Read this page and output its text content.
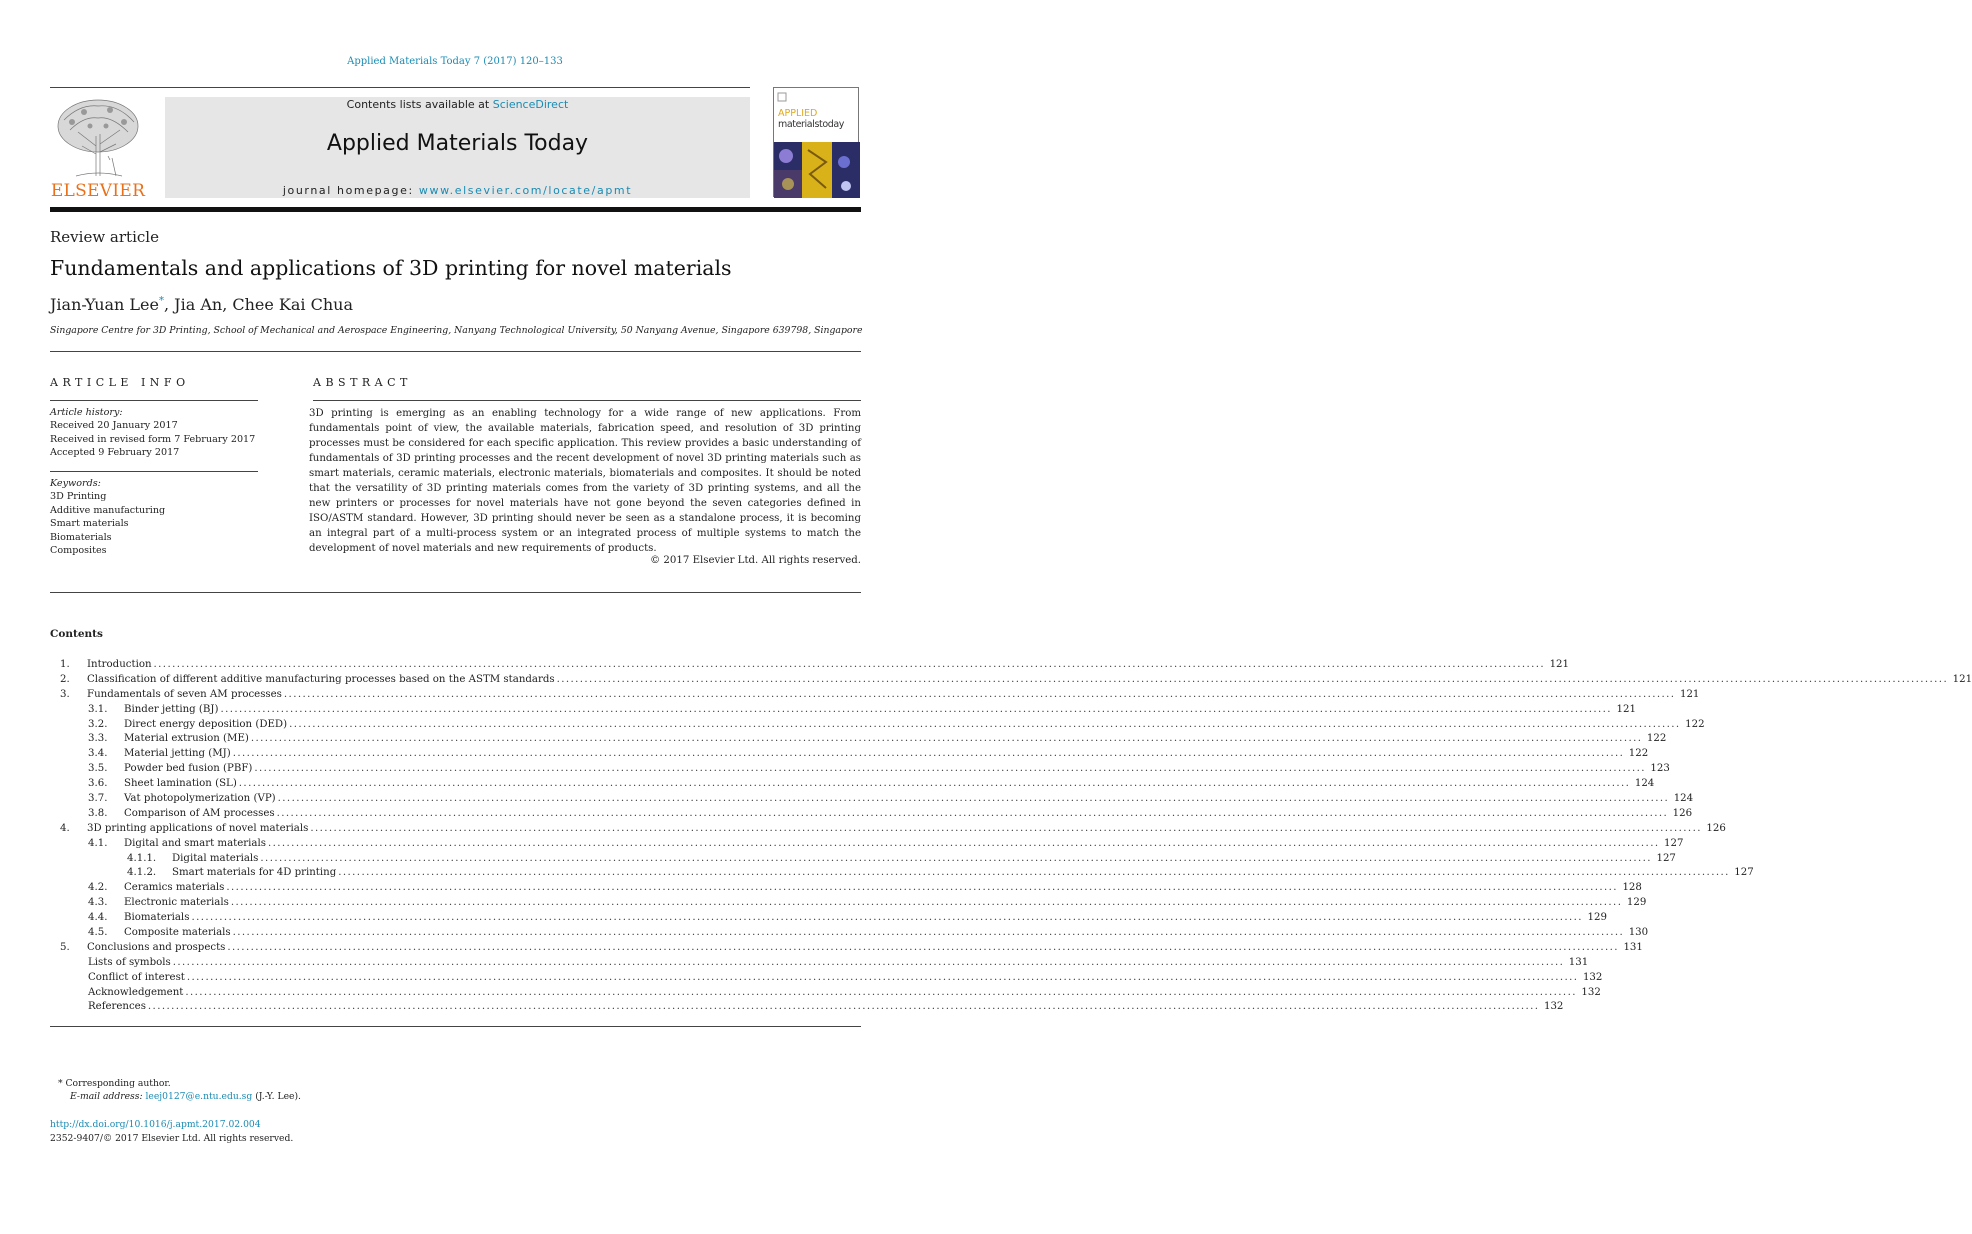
Applied Materials Today 7 (2017) 120–133
ELSEVIER
Contents lists available at ScienceDirect
Applied Materials Today
journal homepage: www.elsevier.com/locate/apmt
APPLIED
materialstoday
Review article
Fundamentals and applications of 3D printing for novel materials
Jian-Yuan Lee*, Jia An, Chee Kai Chua
Singapore Centre for 3D Printing, School of Mechanical and Aerospace Engineering, Nanyang Technological University, 50 Nanyang Avenue, Singapore 639798, Singapore
ARTICLE INFO	ABSTRACT
Article history:
Received 20 January 2017
Received in revised form 7 February 2017
Accepted 9 February 2017
Keywords:
3D Printing
Additive manufacturing
Smart materials
Biomaterials
Composites
3D printing is emerging as an enabling technology for a wide range of new applications. From fundamentals point of view, the available materials, fabrication speed, and resolution of 3D printing processes must be considered for each specific application. This review provides a basic understanding of fundamentals of 3D printing processes and the recent development of novel 3D printing materials such as smart materials, ceramic materials, electronic materials, biomaterials and composites. It should be noted that the versatility of 3D printing materials comes from the variety of 3D printing systems, and all the new printers or processes for novel materials have not gone beyond the seven categories defined in ISO/ASTM standard. However, 3D printing should never be seen as a standalone process, it is becoming an integral part of a multi-process system or an integrated process of multiple systems to match the development of novel materials and new requirements of products.
© 2017 Elsevier Ltd. All rights reserved.
Contents
1.	Introduction ............................................................................................................................................................................................................................................................................................................ 121
2.	Classification of different additive manufacturing processes based on the ASTM standards ............................................................................................................................................................................................................................................................................................................ 121
3.	Fundamentals of seven AM processes ............................................................................................................................................................................................................................................................................................................ 121
3.1.	Binder jetting (BJ) ............................................................................................................................................................................................................................................................................................................ 121
3.2.	Direct energy deposition (DED) ............................................................................................................................................................................................................................................................................................................ 122
3.3.	Material extrusion (ME) ............................................................................................................................................................................................................................................................................................................ 122
3.4.	Material jetting (MJ) ............................................................................................................................................................................................................................................................................................................ 122
3.5.	Powder bed fusion (PBF) ............................................................................................................................................................................................................................................................................................................ 123
3.6.	Sheet lamination (SL) ............................................................................................................................................................................................................................................................................................................ 124
3.7.	Vat photopolymerization (VP) ............................................................................................................................................................................................................................................................................................................ 124
3.8.	Comparison of AM processes ............................................................................................................................................................................................................................................................................................................ 126
4.	3D printing applications of novel materials ............................................................................................................................................................................................................................................................................................................ 126
4.1.	Digital and smart materials ............................................................................................................................................................................................................................................................................................................ 127
4.1.1.	Digital materials ............................................................................................................................................................................................................................................................................................................ 127
4.1.2.	Smart materials for 4D printing ............................................................................................................................................................................................................................................................................................................ 127
4.2.	Ceramics materials ............................................................................................................................................................................................................................................................................................................ 128
4.3.	Electronic materials ............................................................................................................................................................................................................................................................................................................ 129
4.4.	Biomaterials ............................................................................................................................................................................................................................................................................................................ 129
4.5.	Composite materials ............................................................................................................................................................................................................................................................................................................ 130
5.	Conclusions and prospects ............................................................................................................................................................................................................................................................................................................ 131
Lists of symbols ............................................................................................................................................................................................................................................................................................................ 131
Conflict of interest ............................................................................................................................................................................................................................................................................................................ 132
Acknowledgement ............................................................................................................................................................................................................................................................................................................ 132
References ............................................................................................................................................................................................................................................................................................................ 132
* Corresponding author.
E-mail address: leej0127@e.ntu.edu.sg (J.-Y. Lee).
http://dx.doi.org/10.1016/j.apmt.2017.02.004
2352-9407/© 2017 Elsevier Ltd. All rights reserved.
